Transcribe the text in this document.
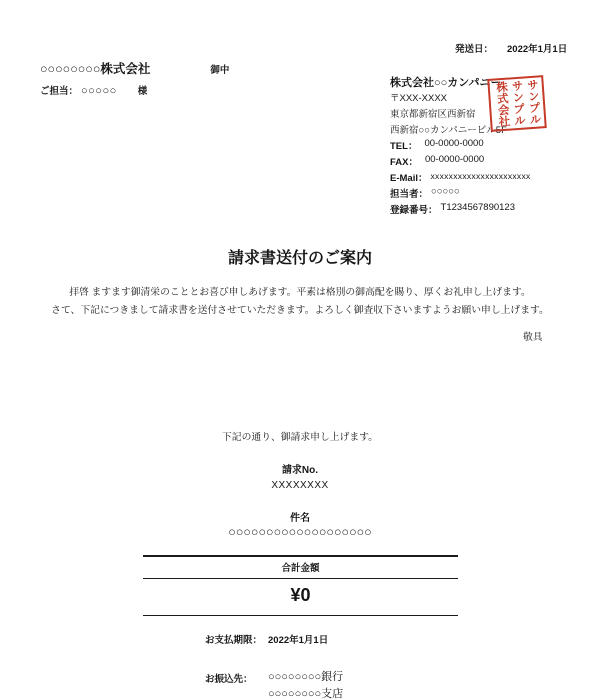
発送日： 2022年1月1日
○○○○○○○○株式会社	御中
ご担当： ○○○○○ 様
株式会社○○カンパニー
〒XXX-XXXX
東京都新宿区西新宿
西新宿○○カンパニービル5F
TEL： 00-0000-0000
FAX： 00-0000-0000
E-Mail： xxxxxxxxxxxxxxxxxxxxxx
担当者： ○○○○○
登録番号： T1234567890123
サンプルサンプル株式会社
請求書送付のご案内
拝啓 ますます御清栄のこととお喜び申しあげます。平素は格別の御高配を賜り、厚くお礼申し上げます。
さて、下記につきまして請求書を送付させていただきます。よろしく御査収下さいますようお願い申し上げます。
敬具
下記の通り、御請求申し上げます。
請求No.
XXXXXXXX
件名
○○○○○○○○○○○○○○○○○○○
合計金額
¥0
お支払期限： 2022年1月1日
お振込先：	○○○○○○○○銀行
○○○○○○○○支店
